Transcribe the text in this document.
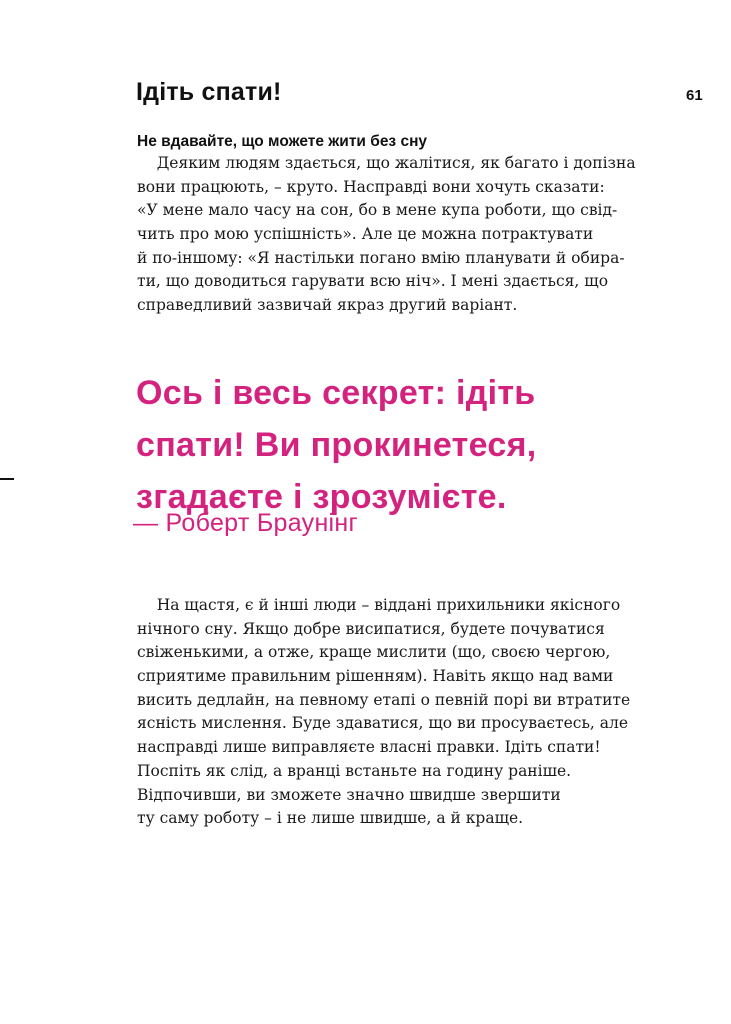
Ідіть спати!	61
Не вдавайте, що можете жити без сну
Деяким людям здається, що жалітися, як багато і допізна
вони працюють, – круто. Насправді вони хочуть сказати:
«У мене мало часу на сон, бо в мене купа роботи, що свід-
чить про мою успішність». Але це можна потрактувати
й по-іншому: «Я настільки погано вмію планувати й обира-
ти, що доводиться гарувати всю ніч». І мені здається, що
справедливий зазвичай якраз другий варіант.
Ось і весь секрет: ідіть
спати! Ви прокинетеся,
згадаєте і зрозумієте.
— Роберт Браунінг
На щастя, є й інші люди – віддані прихильники якісного
нічного сну. Якщо добре висипатися, будете почуватися
свіженькими, а отже, краще мислити (що, своєю чергою,
сприятиме правильним рішенням). Навіть якщо над вами
висить дедлайн, на певному етапі о певній порі ви втратите
ясність мислення. Буде здаватися, що ви просуваєтесь, але
насправді лише виправляєте власні правки. Ідіть спати!
Поспіть як слід, а вранці встаньте на годину раніше.
Відпочивши, ви зможете значно швидше звершити
ту саму роботу – і не лише швидше, а й краще.
